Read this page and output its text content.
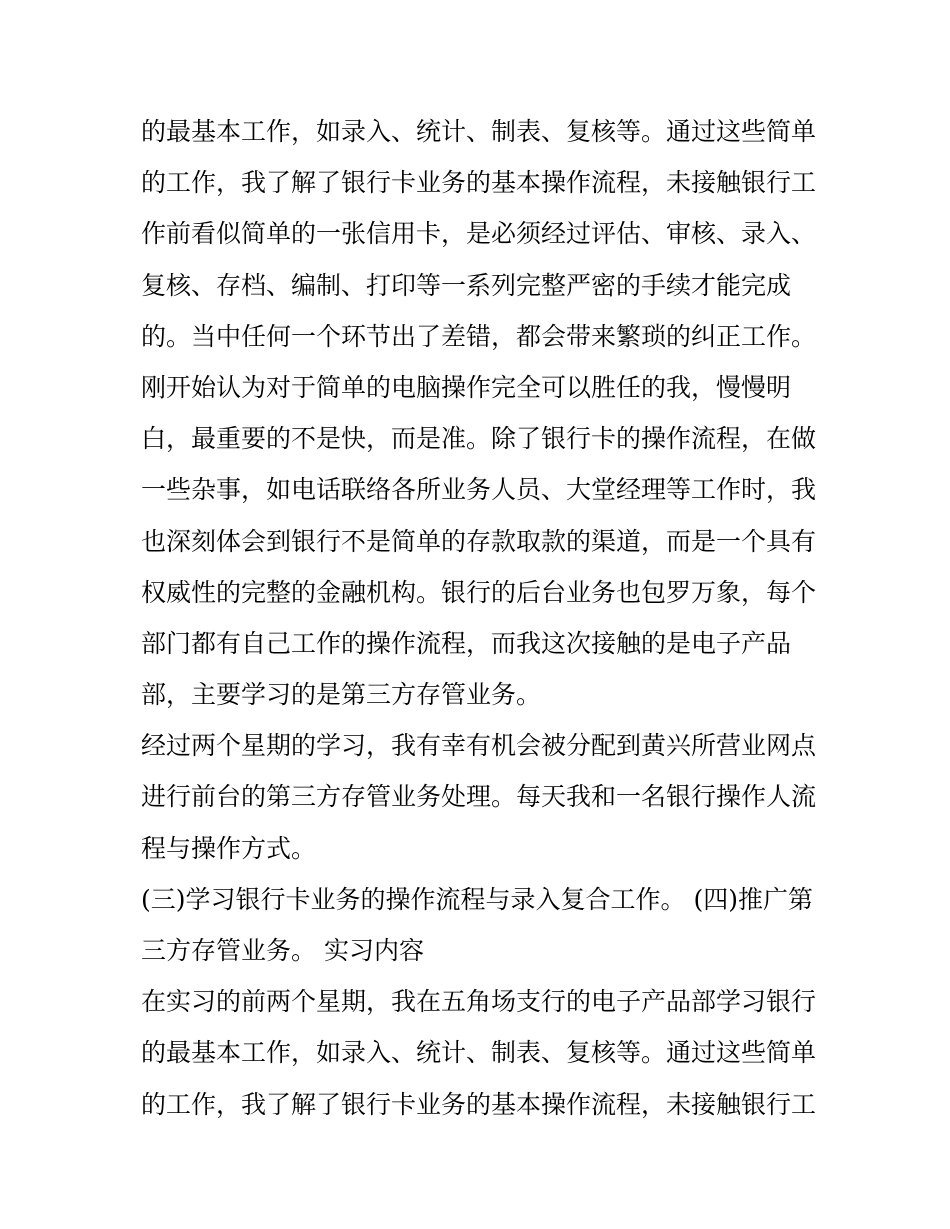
的最基本工作，如录入、统计、制表、复核等。通过这些简单
的工作，我了解了银行卡业务的基本操作流程，未接触银行工
作前看似简单的一张信用卡，是必须经过评估、审核、录入、
复核、存档、编制、打印等一系列完整严密的手续才能完成
的。当中任何一个环节出了差错，都会带来繁琐的纠正工作。
刚开始认为对于简单的电脑操作完全可以胜任的我，慢慢明
白，最重要的不是快，而是准。除了银行卡的操作流程，在做
一些杂事，如电话联络各所业务人员、大堂经理等工作时，我
也深刻体会到银行不是简单的存款取款的渠道，而是一个具有
权威性的完整的金融机构。银行的后台业务也包罗万象，每个
部门都有自己工作的操作流程，而我这次接触的是电子产品
部，主要学习的是第三方存管业务。
经过两个星期的学习，我有幸有机会被分配到黄兴所营业网点
进行前台的第三方存管业务处理。每天我和一名银行操作人流
程与操作方式。
(三)学习银行卡业务的操作流程与录入复合工作。 (四)推广第
三方存管业务。 实习内容
在实习的前两个星期，我在五角场支行的电子产品部学习银行
的最基本工作，如录入、统计、制表、复核等。通过这些简单
的工作，我了解了银行卡业务的基本操作流程，未接触银行工
